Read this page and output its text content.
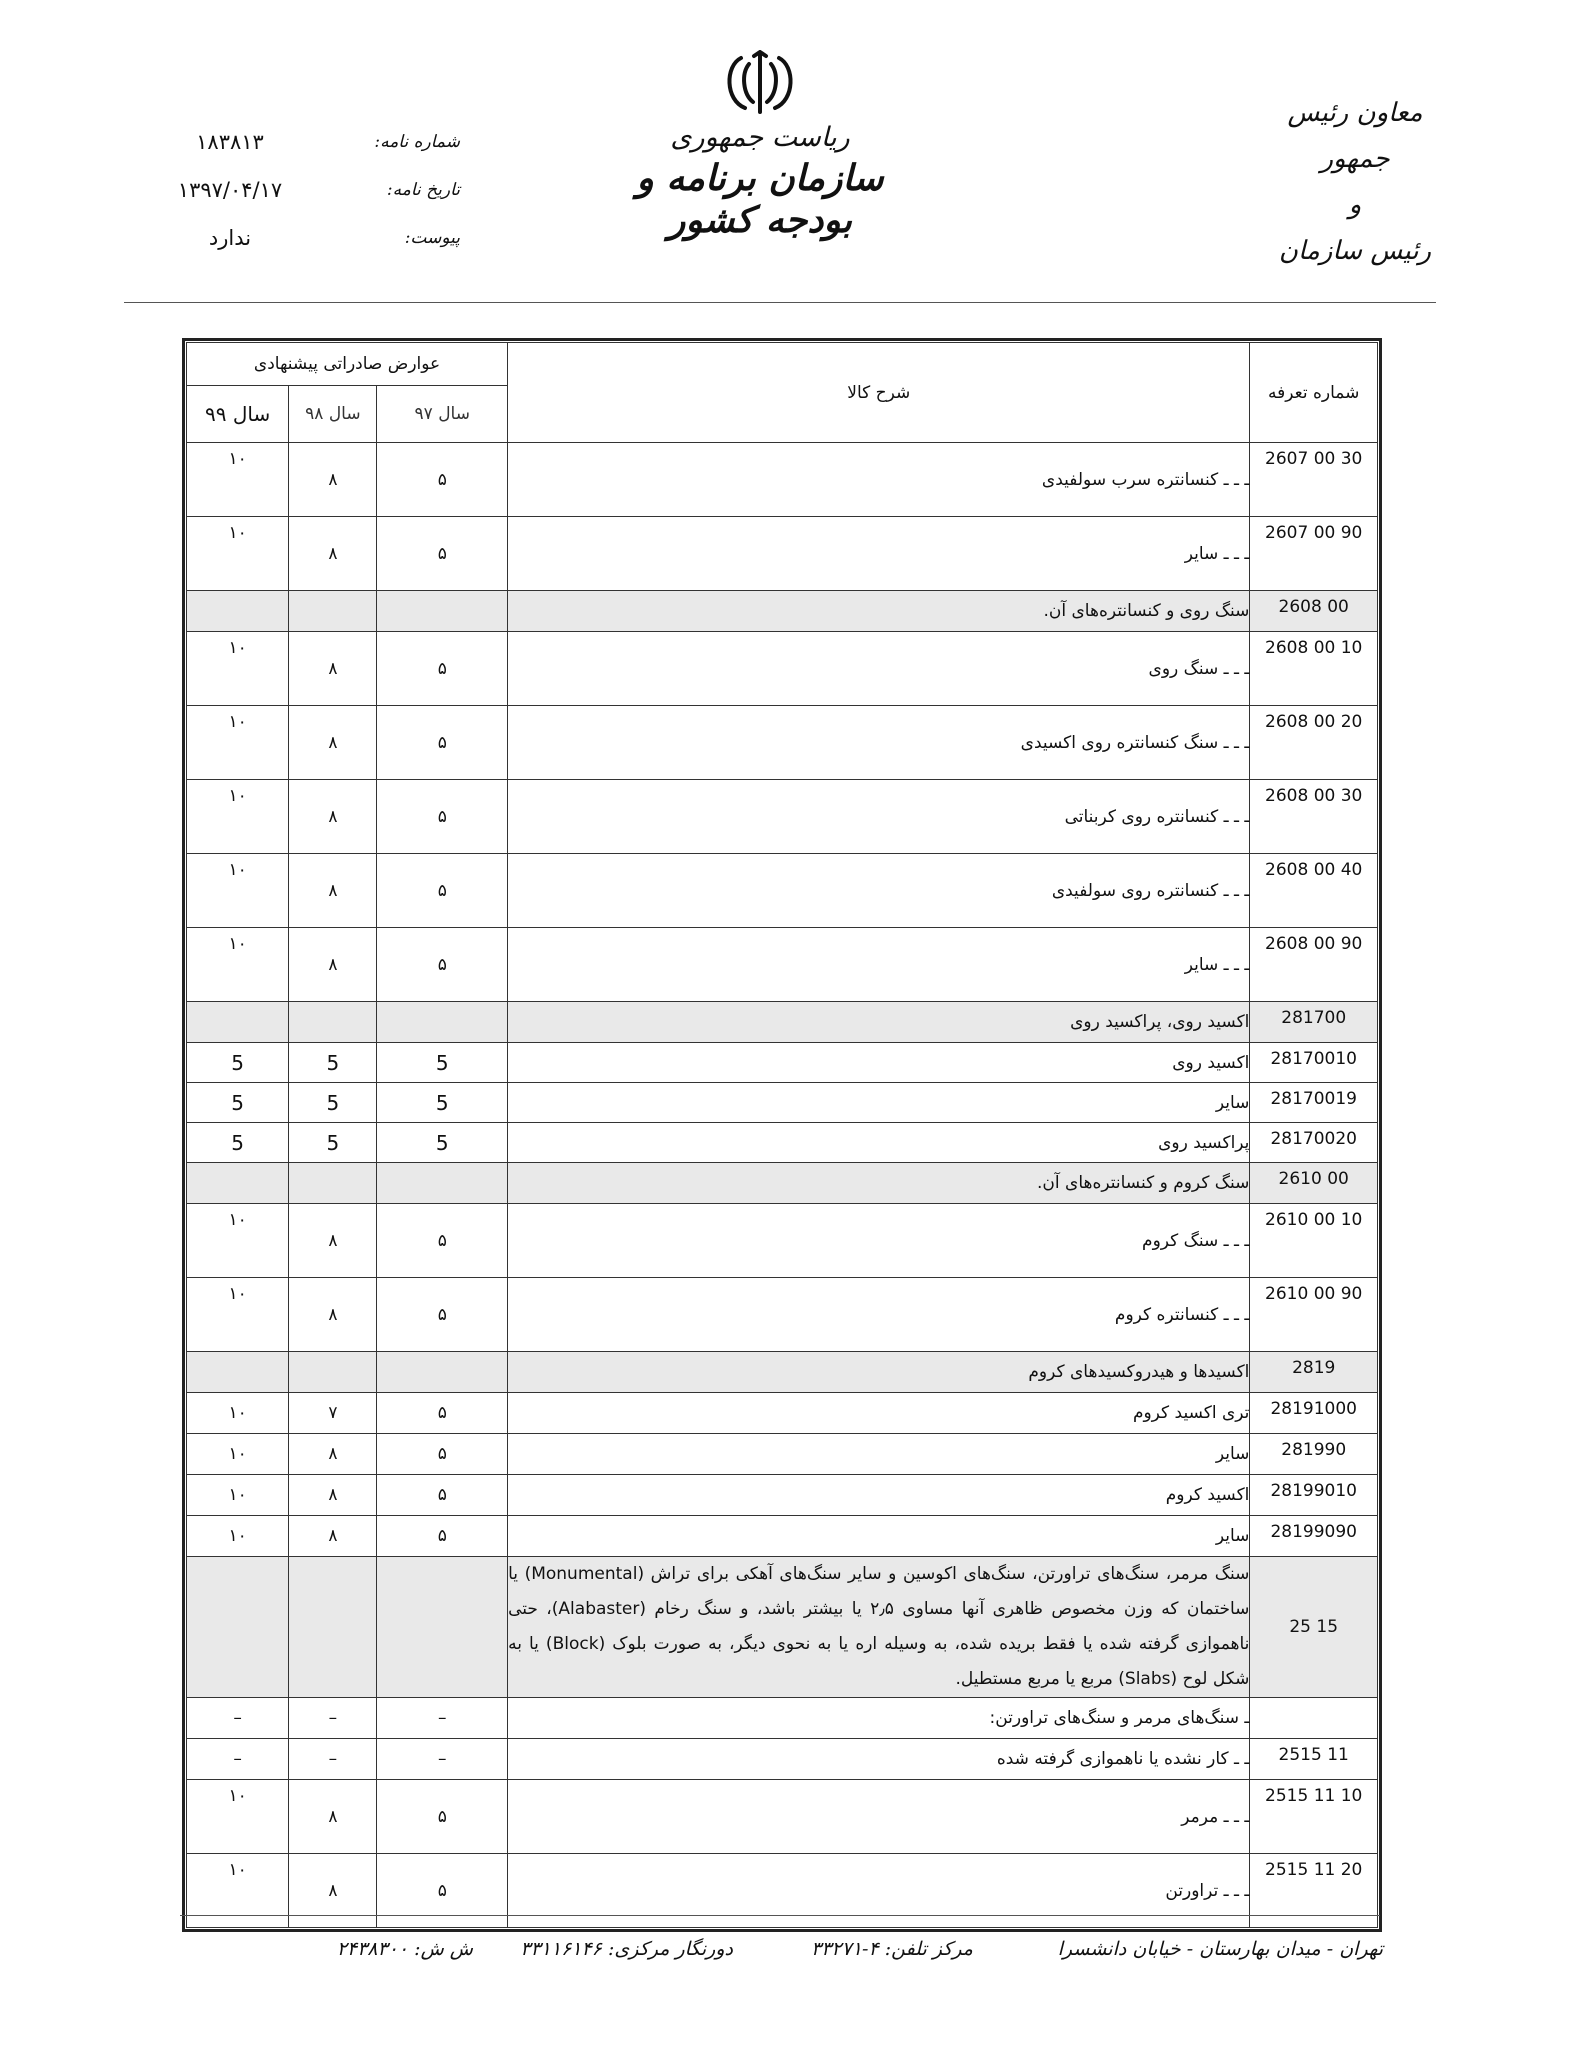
معاون رئیس جمهور
و
رئیس سازمان
ریاست جمهوری
سازمان برنامه و بودجه کشور
شماره نامه:
۱۸۳۸۱۳
تاریخ نامه:
۱۳۹۷/۰۴/۱۷
پیوست:
ندارد
شماره تعرفه	شرح کالا	عوارض صادراتی پیشنهادی		
		سال ۹۷	سال ۹۸	سال ۹۹
2607 00 30	ـ ـ ـ کنسانتره سرب سولفیدی	۵	۸	۱۰
2607 00 90	ـ ـ ـ سایر	۵	۸	۱۰
2608 00	سنگ روی و کنسانتره‌های آن.			
2608 00 10	ـ ـ ـ سنگ روی	۵	۸	۱۰
2608 00 20	ـ ـ ـ سنگ کنسانتره روی اکسیدی	۵	۸	۱۰
2608 00 30	ـ ـ ـ کنسانتره روی کربناتی	۵	۸	۱۰
2608 00 40	ـ ـ ـ کنسانتره روی سولفیدی	۵	۸	۱۰
2608 00 90	ـ ـ ـ سایر	۵	۸	۱۰
281700	اکسید روی، پراکسید روی			
28170010	اکسید روی	5	5	5
28170019	سایر	5	5	5
28170020	پراکسید روی	5	5	5
2610 00	سنگ کروم و کنسانتره‌های آن.			
2610 00 10	ـ ـ ـ سنگ کروم	۵	۸	۱۰
2610 00 90	ـ ـ ـ کنسانتره کروم	۵	۸	۱۰
2819	اکسیدها و هیدروکسیدهای کروم			
28191000	تری اکسید کروم	۵	۷	۱۰
281990	سایر	۵	۸	۱۰
28199010	اکسید کروم	۵	۸	۱۰
28199090	سایر	۵	۸	۱۰
25 15	سنگ مرمر، سنگ‌های تراورتن، سنگ‌های اکوسین و سایر سنگ‌های آهکی برای تراش (Monumental) یا ساختمان که وزن مخصوص ظاهری آنها مساوی ۲٫۵ یا بیشتر باشد، و سنگ رخام (Alabaster)، حتی ناهموازی گرفته شده یا فقط بریده شده، به وسیله اره یا به نحوی دیگر، به صورت بلوک (Block) یا به شکل لوح (Slabs) مربع یا مربع مستطیل.			
	ـ سنگ‌های مرمر و سنگ‌های تراورتن:	–	–	–
2515 11	ـ ـ کار نشده یا ناهموازی گرفته شده	–	–	–
2515 11 10	ـ ـ ـ مرمر	۵	۸	۱۰
2515 11 20	ـ ـ ـ تراورتن	۵	۸	۱۰
تهران - میدان بهارستان - خیابان دانشسرا
مرکز تلفن: ۴-۳۳۲۷۱
دورنگار مرکزی: ۳۳۱۱۶۱۴۶
ش ش: ۲۴۳۸۳۰۰
